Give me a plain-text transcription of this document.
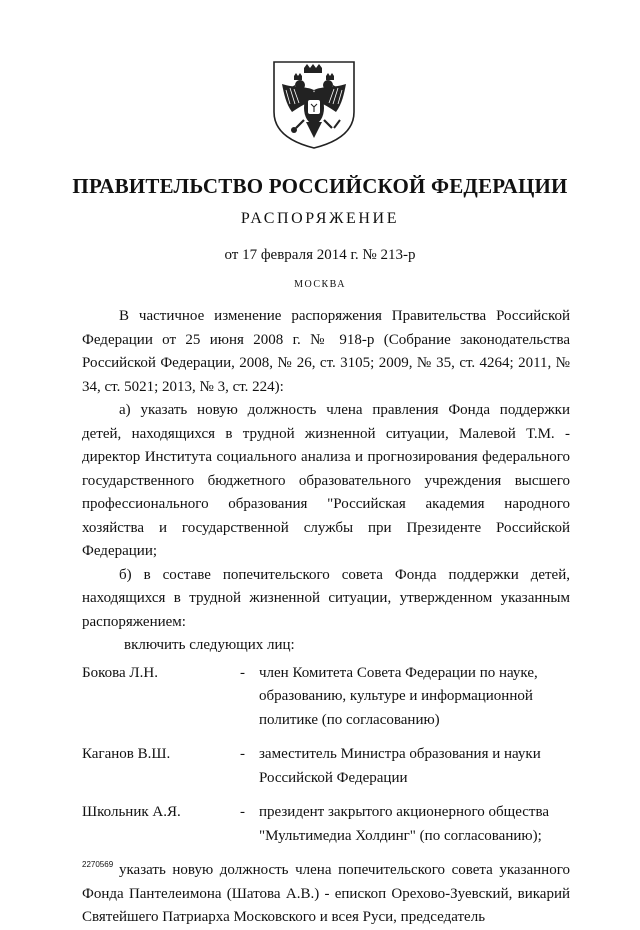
ПРАВИТЕЛЬСТВО РОССИЙСКОЙ ФЕДЕРАЦИИ
РАСПОРЯЖЕНИЕ
от 17 февраля 2014 г. № 213-р
МОСКВА

В частичное изменение распоряжения Правительства Российской Федерации от 25 июня 2008 г. № 918-р (Собрание законодательства Российской Федерации, 2008, № 26, ст. 3105; 2009, № 35, ст. 4264; 2011, № 34, ст. 5021; 2013, № 3, ст. 224):

а) указать новую должность члена правления Фонда поддержки детей, находящихся в трудной жизненной ситуации, Малевой Т.М. - директор Института социального анализа и прогнозирования федерального государственного бюджетного образовательного учреждения высшего профессионального образования "Российская академия народного хозяйства и государственной службы при Президенте Российской Федерации;

б) в составе попечительского совета Фонда поддержки детей, находящихся в трудной жизненной ситуации, утвержденном указанным распоряжением:

включить следующих лиц:

Бокова Л.Н.	- член Комитета Совета Федерации по науке, образованию, культуре и информационной политике (по согласованию)
Каганов В.Ш.	- заместитель Министра образования и науки Российской Федерации
Школьник А.Я.	- президент закрытого акционерного общества "Мультимедиа Холдинг" (по согласованию);

указать новую должность члена попечительского совета указанного Фонда Пантелеимона (Шатова А.В.) - епископ Орехово-Зуевский, викарий Святейшего Патриарха Московского и всея Руси, председатель

2270569
